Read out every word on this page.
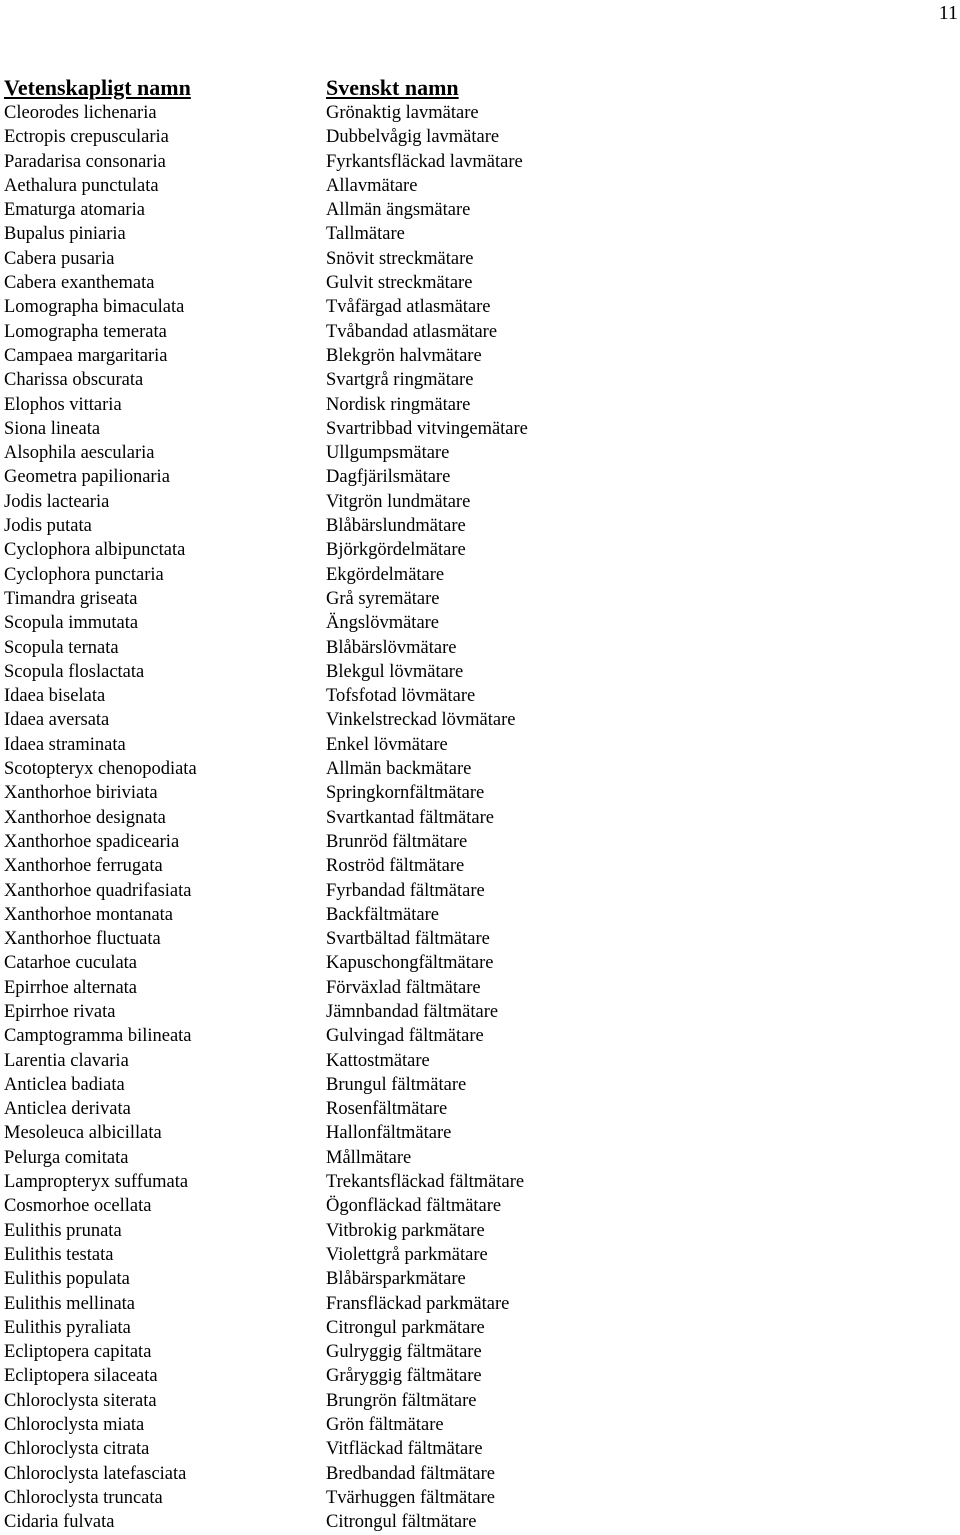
11
Vetenskapligt namn
Cleorodes lichenaria
Ectropis crepuscularia
Paradarisa consonaria
Aethalura punctulata
Ematurga atomaria
Bupalus piniaria
Cabera pusaria
Cabera exanthemata
Lomographa bimaculata
Lomographa temerata
Campaea margaritaria
Charissa obscurata
Elophos vittaria
Siona lineata
Alsophila aescularia
Geometra papilionaria
Jodis lactearia
Jodis putata
Cyclophora albipunctata
Cyclophora punctaria
Timandra griseata
Scopula immutata
Scopula ternata
Scopula floslactata
Idaea biselata
Idaea aversata
Idaea straminata
Scotopteryx chenopodiata
Xanthorhoe biriviata
Xanthorhoe designata
Xanthorhoe spadicearia
Xanthorhoe ferrugata
Xanthorhoe quadrifasiata
Xanthorhoe montanata
Xanthorhoe fluctuata
Catarhoe cuculata
Epirrhoe alternata
Epirrhoe rivata
Camptogramma bilineata
Larentia clavaria
Anticlea badiata
Anticlea derivata
Mesoleuca albicillata
Pelurga comitata
Lampropteryx suffumata
Cosmorhoe ocellata
Eulithis prunata
Eulithis testata
Eulithis populata
Eulithis mellinata
Eulithis pyraliata
Ecliptopera capitata
Ecliptopera silaceata
Chloroclysta siterata
Chloroclysta miata
Chloroclysta citrata
Chloroclysta latefasciata
Chloroclysta truncata
Cidaria fulvata
Svenskt namn
Grönaktig lavmätare
Dubbelvågig lavmätare
Fyrkantsfläckad lavmätare
Allavmätare
Allmän ängsmätare
Tallmätare
Snövit streckmätare
Gulvit streckmätare
Tvåfärgad atlasmätare
Tvåbandad atlasmätare
Blekgrön halvmätare
Svartgrå ringmätare
Nordisk ringmätare
Svartribbad vitvingemätare
Ullgumpsmätare
Dagfjärilsmätare
Vitgrön lundmätare
Blåbärslundmätare
Björkgördelmätare
Ekgördelmätare
Grå syremätare
Ängslövmätare
Blåbärslövmätare
Blekgul lövmätare
Tofsfotad lövmätare
Vinkelstreckad lövmätare
Enkel lövmätare
Allmän backmätare
Springkornfältmätare
Svartkantad fältmätare
Brunröd fältmätare
Roströd fältmätare
Fyrbandad fältmätare
Backfältmätare
Svartbältad fältmätare
Kapuschongfältmätare
Förväxlad fältmätare
Jämnbandad fältmätare
Gulvingad fältmätare
Kattostmätare
Brungul fältmätare
Rosenfältmätare
Hallonfältmätare
Mållmätare
Trekantsfläckad fältmätare
Ögonfläckad fältmätare
Vitbrokig parkmätare
Violettgrå parkmätare
Blåbärsparkmätare
Fransfläckad parkmätare
Citrongul parkmätare
Gulryggig fältmätare
Gråryggig fältmätare
Brungrön fältmätare
Grön fältmätare
Vitfläckad fältmätare
Bredbandad fältmätare
Tvärhuggen fältmätare
Citrongul fältmätare
